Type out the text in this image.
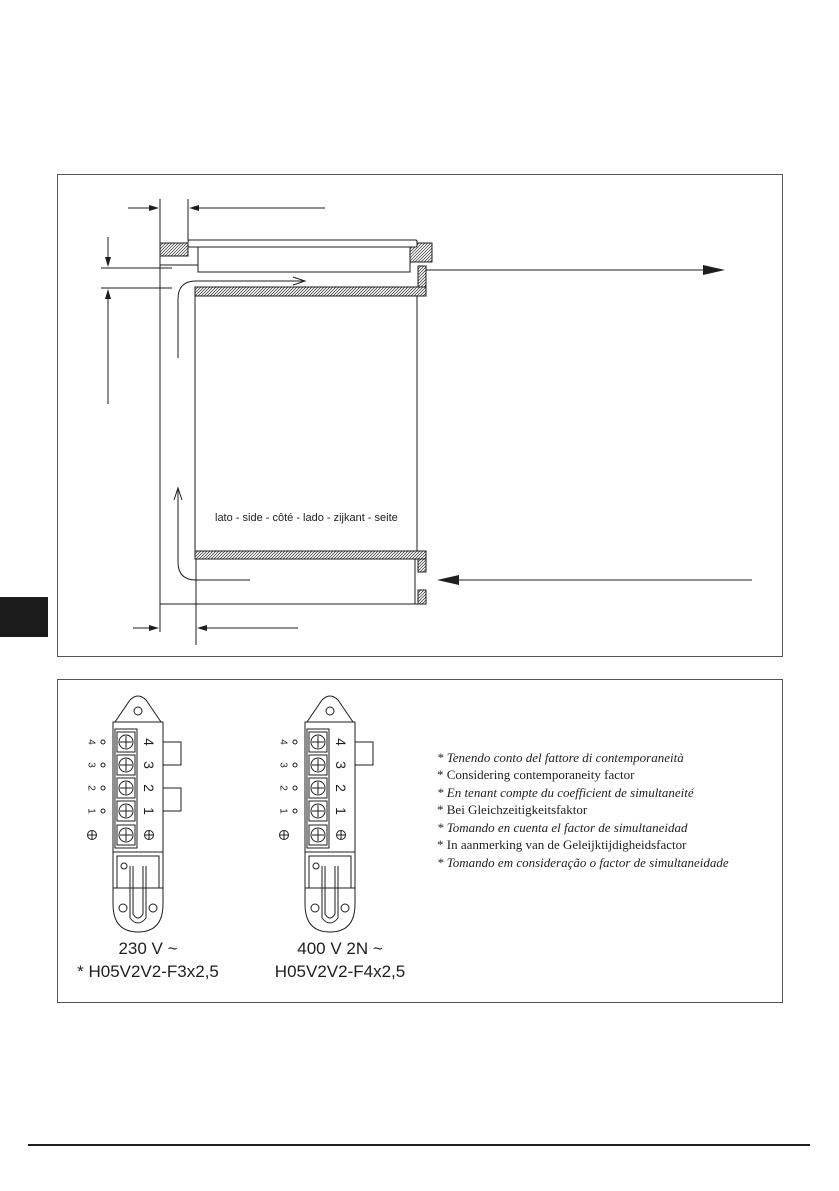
lato - side - côté - lado - zijkant - seite
4
4
3
3
2
2
1
1
4
4
3
3
2
2
1
1
230 V ~
* H05V2V2-F3x2,5
400 V 2N ~
H05V2V2-F4x2,5
* Tenendo conto del fattore di contemporaneità
* Considering contemporaneity factor
* En tenant compte du coefficient de simultaneité
* Bei Gleichzeitigkeitsfaktor
* Tomando en cuenta el factor de simultaneidad
* In aanmerking van de Geleijktijdigheidsfactor
* Tomando em consideração o factor de simultaneidade
